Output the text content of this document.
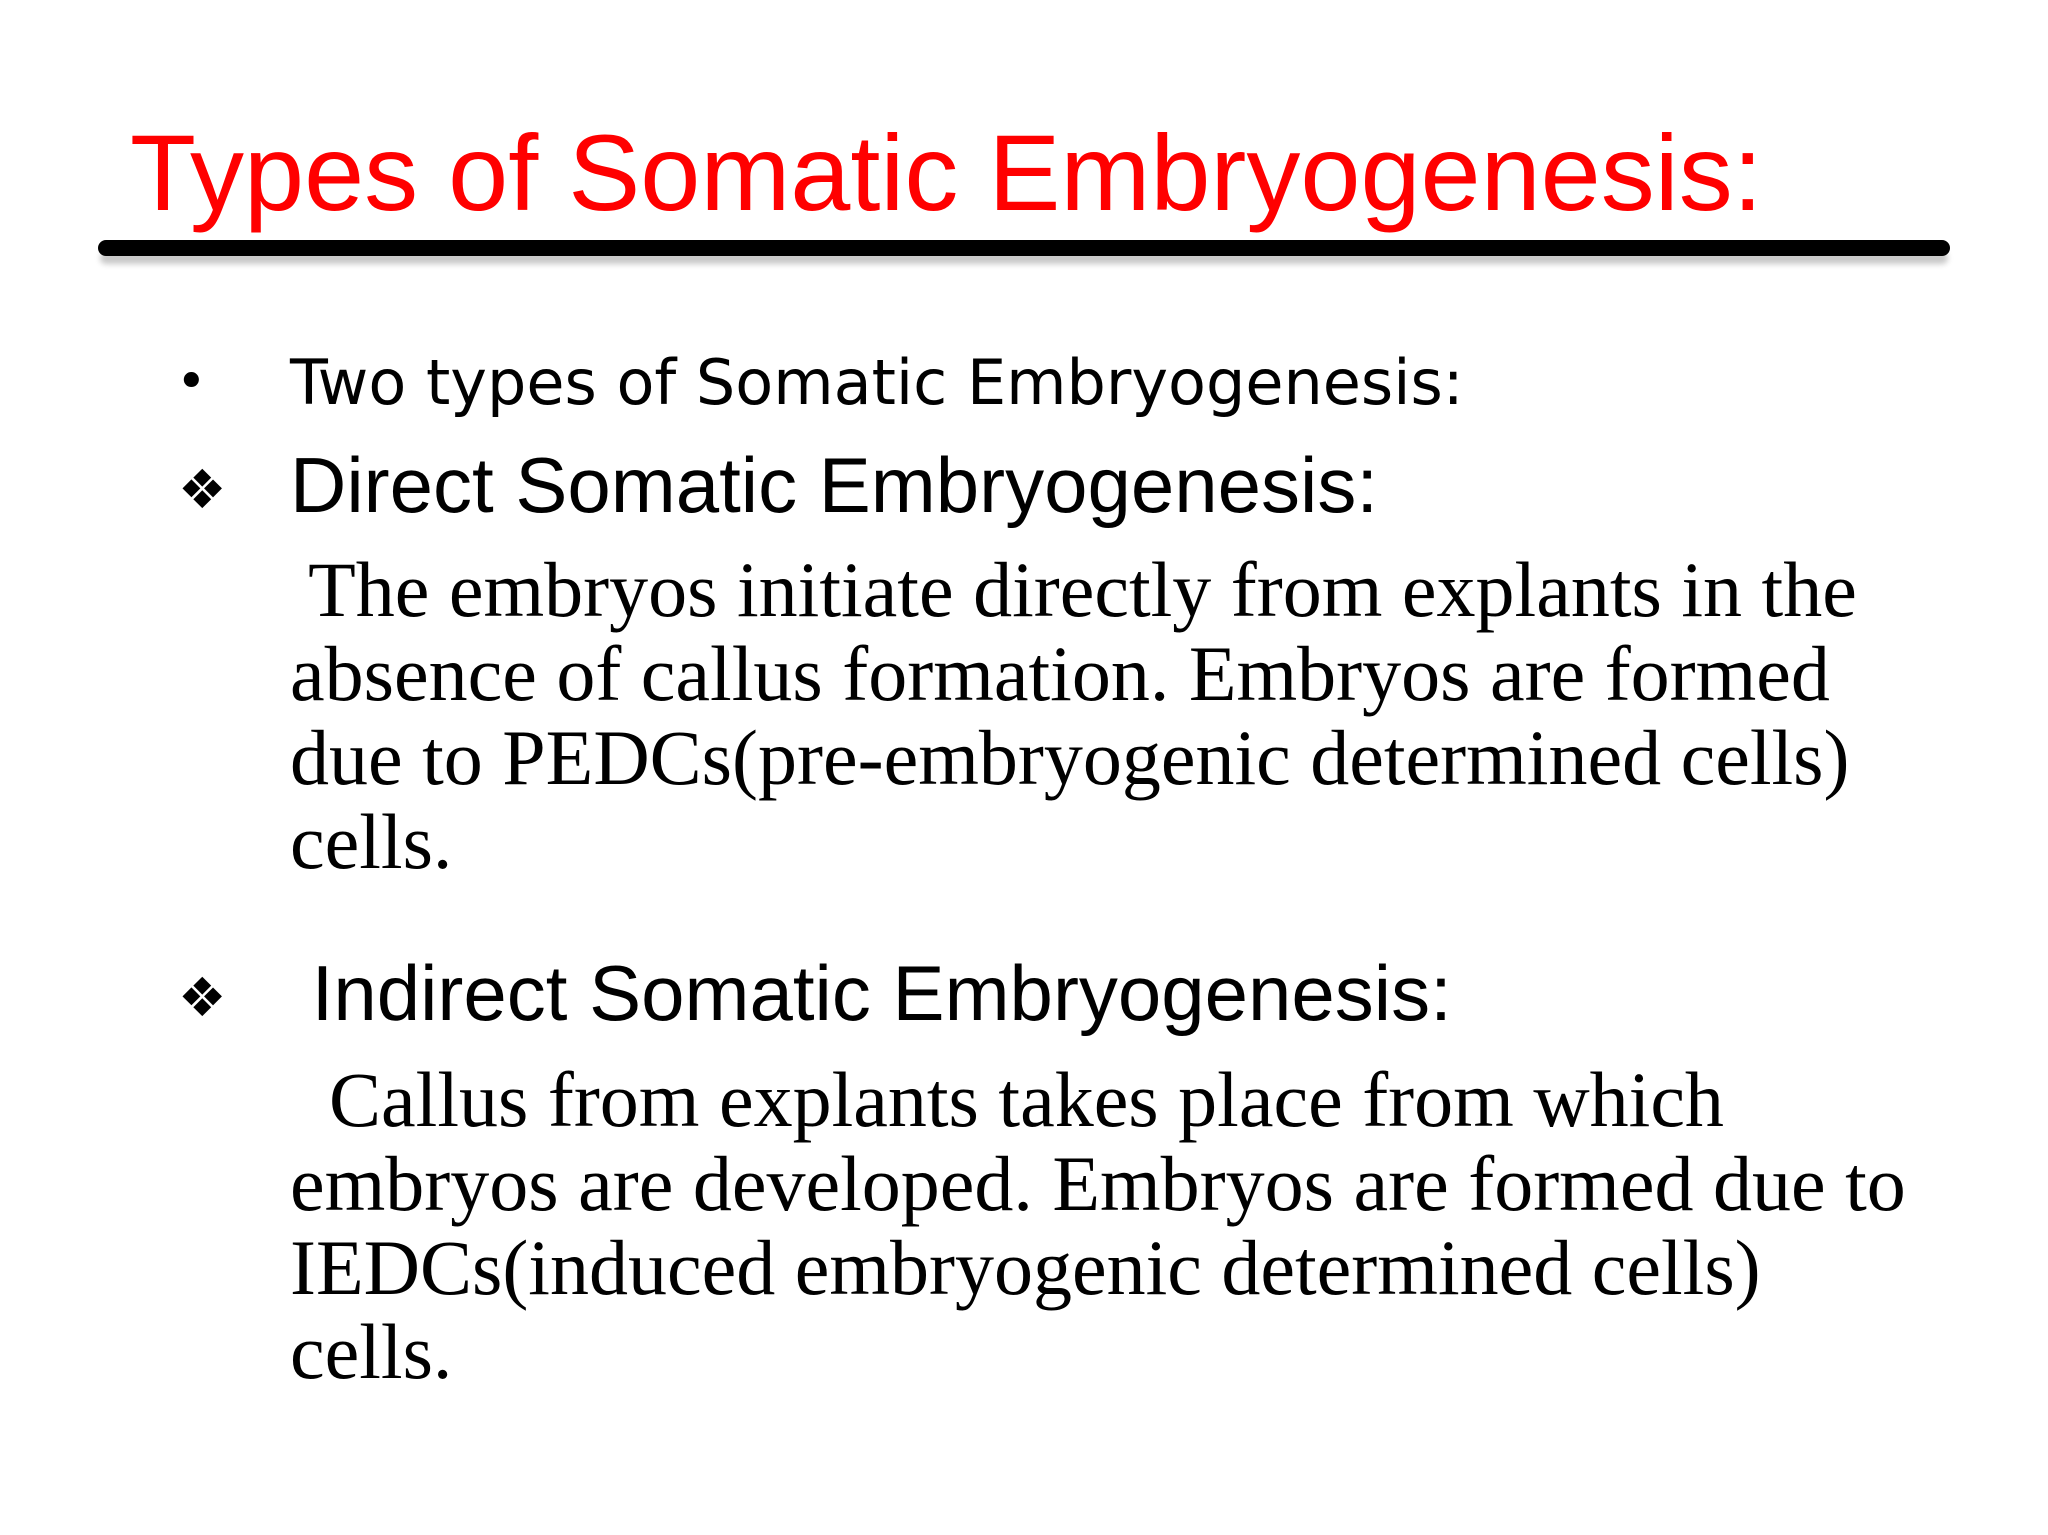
Types of Somatic Embryogenesis:
• Two types of Somatic Embryogenesis:
❖ Direct Somatic Embryogenesis:
The embryos initiate directly from explants in the
absence of callus formation. Embryos are formed
due to PEDCs(pre-embryogenic determined cells)
cells.
❖ Indirect Somatic Embryogenesis:
Callus from explants takes place from which
embryos are developed. Embryos are formed due to
IEDCs(induced embryogenic determined cells)
cells.
